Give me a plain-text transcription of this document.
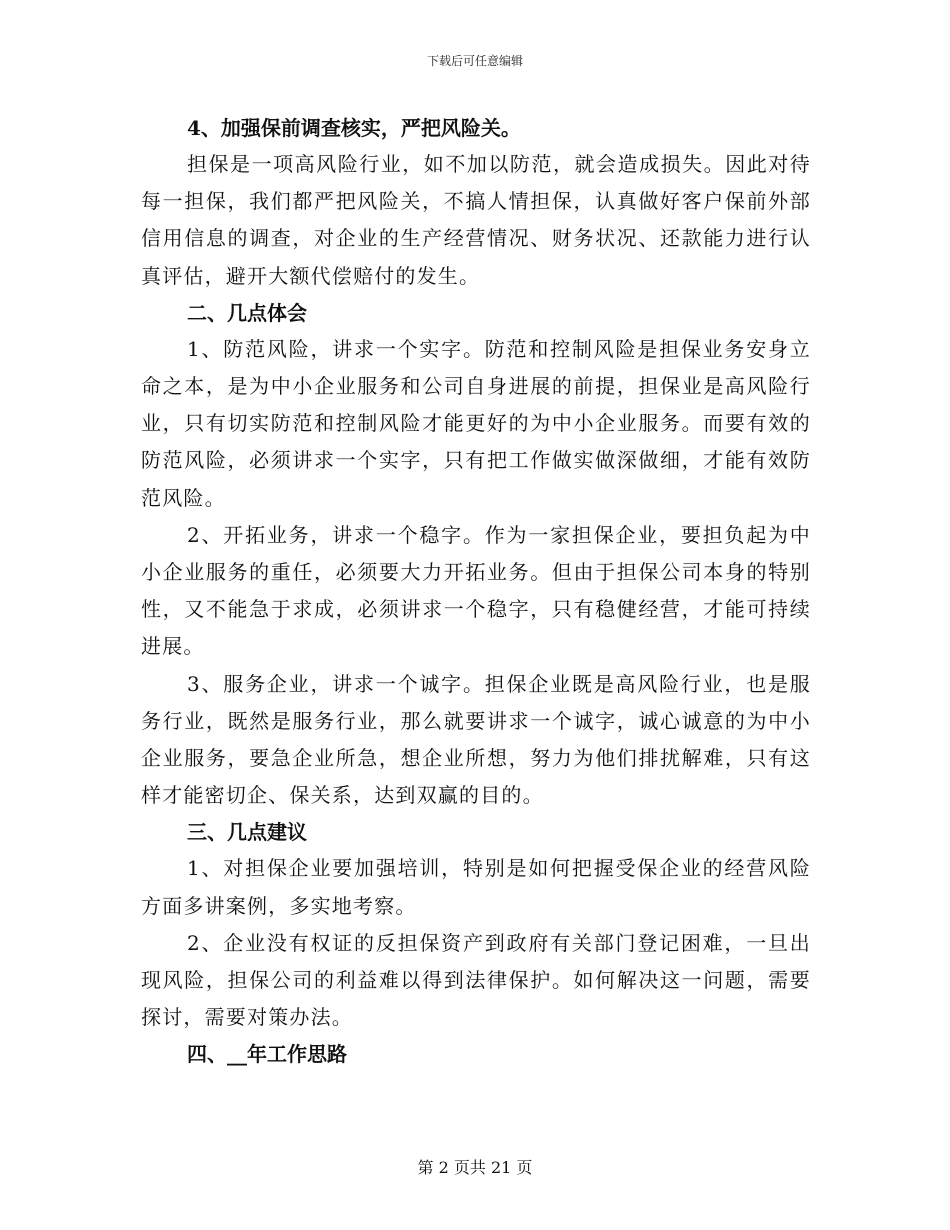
下载后可任意编辑
4、加强保前调查核实，严把风险关。

担保是一项高风险行业，如不加以防范，就会造成损失。因此对待每一担保，我们都严把风险关，不搞人情担保，认真做好客户保前外部信用信息的调查，对企业的生产经营情况、财务状况、还款能力进行认真评估，避开大额代偿赔付的发生。

二、几点体会

1、防范风险，讲求一个实字。防范和控制风险是担保业务安身立命之本，是为中小企业服务和公司自身进展的前提，担保业是高风险行业，只有切实防范和控制风险才能更好的为中小企业服务。而要有效的防范风险，必须讲求一个实字，只有把工作做实做深做细，才能有效防范风险。

2、开拓业务，讲求一个稳字。作为一家担保企业，要担负起为中小企业服务的重任，必须要大力开拓业务。但由于担保公司本身的特别性，又不能急于求成，必须讲求一个稳字，只有稳健经营，才能可持续进展。

3、服务企业，讲求一个诚字。担保企业既是高风险行业，也是服务行业，既然是服务行业，那么就要讲求一个诚字，诚心诚意的为中小企业服务，要急企业所急，想企业所想，努力为他们排扰解难，只有这样才能密切企、保关系，达到双赢的目的。

三、几点建议

1、对担保企业要加强培训，特别是如何把握受保企业的经营风险方面多讲案例，多实地考察。

2、企业没有权证的反担保资产到政府有关部门登记困难，一旦出现风险，担保公司的利益难以得到法律保护。如何解决这一问题，需要探讨，需要对策办法。

四、__年工作思路
第 2 页共 21 页
